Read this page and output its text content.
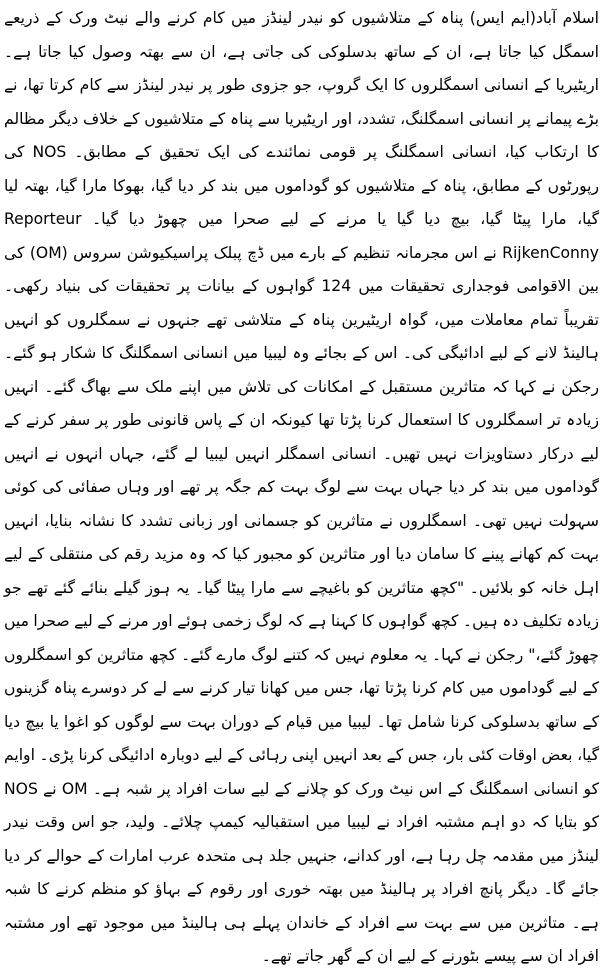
اسلام آباد(ایم ایس) پناہ کے متلاشیوں کو نیدر لینڈز میں کام کرنے والے نیٹ ورک کے ذریعے اسمگل کیا جاتا ہے، ان کے ساتھ بدسلوکی کی جاتی ہے، ان سے بھتہ وصول کیا جاتا ہے۔ اریٹیریا کے انسانی اسمگلروں کا ایک گروپ، جو جزوی طور پر نیدر لینڈز سے کام کرتا تھا، نے بڑے پیمانے پر انسانی اسمگلنگ، تشدد، اور اریٹیریا سے پناہ کے متلاشیوں کے خلاف دیگر مظالم کا ارتکاب کیا، انسانی اسمگلنگ پر قومی نمائندے کی ایک تحقیق کے مطابق۔ NOS کی رپورٹوں کے مطابق، پناہ کے متلاشیوں کو گوداموں میں بند کر دیا گیا، بھوکا مارا گیا، بھتہ لیا گیا، مارا پیٹا گیا، بیچ دیا گیا یا مرنے کے لیے صحرا میں چھوڑ دیا گیا۔ Reporteur RijkenConny نے اس مجرمانہ تنظیم کے بارے میں ڈچ پبلک پراسیکیوشن سروس (OM) کی بین الاقوامی فوجداری تحقیقات میں 124 گواہوں کے بیانات پر تحقیقات کی بنیاد رکھی۔ تقریباً تمام معاملات میں، گواہ اریٹیرین پناہ کے متلاشی تھے جنہوں نے سمگلروں کو انہیں ہالینڈ لانے کے لیے ادائیگی کی۔ اس کے بجائے وہ لیبیا میں انسانی اسمگلنگ کا شکار ہو گئے۔ رجکن نے کہا کہ متاثرین مستقبل کے امکانات کی تلاش میں اپنے ملک سے بھاگ گئے۔ انہیں زیادہ تر اسمگلروں کا استعمال کرنا پڑتا تھا کیونکہ ان کے پاس قانونی طور پر سفر کرنے کے لیے درکار دستاویزات نہیں تھیں۔ انسانی اسمگلر انہیں لیبیا لے گئے، جہاں انہوں نے انہیں گوداموں میں بند کر دیا جہاں بہت سے لوگ بہت کم جگہ پر تھے اور وہاں صفائی کی کوئی سہولت نہیں تھی۔ اسمگلروں نے متاثرین کو جسمانی اور زبانی تشدد کا نشانہ بنایا، انہیں بہت کم کھانے پینے کا سامان دیا اور متاثرین کو مجبور کیا کہ وہ مزید رقم کی منتقلی کے لیے اہل خانہ کو بلائیں۔ "کچھ متاثرین کو باغیچے سے مارا پیٹا گیا۔ یہ ہوز گیلے بنائے گئے تھے جو زیادہ تکلیف دہ ہیں۔ کچھ گواہوں کا کہنا ہے کہ لوگ زخمی ہوئے اور مرنے کے لیے صحرا میں چھوڑ گئے،" رجکن نے کہا۔ یہ معلوم نہیں کہ کتنے لوگ مارے گئے۔ کچھ متاثرین کو اسمگلروں کے لیے گوداموں میں کام کرنا پڑتا تھا، جس میں کھانا تیار کرنے سے لے کر دوسرے پناہ گزینوں کے ساتھ بدسلوکی کرنا شامل تھا۔ لیبیا میں قیام کے دوران بہت سے لوگوں کو اغوا یا بیچ دیا گیا، بعض اوقات کئی بار، جس کے بعد انہیں اپنی رہائی کے لیے دوبارہ ادائیگی کرنا پڑی۔ اوایم کو انسانی اسمگلنگ کے اس نیٹ ورک کو چلانے کے لیے سات افراد پر شبہ ہے۔ OM نے NOS کو بتایا کہ دو اہم مشتبہ افراد نے لیبیا میں استقبالیہ کیمپ چلائے۔ ولید، جو اس وقت نیدر لینڈز میں مقدمہ چل رہا ہے، اور کدانے، جنہیں جلد ہی متحدہ عرب امارات کے حوالے کر دیا جائے گا۔ دیگر پانچ افراد پر ہالینڈ میں بھتہ خوری اور رقوم کے بہاؤ کو منظم کرنے کا شبہ ہے۔ متاثرین میں سے بہت سے افراد کے خاندان پہلے ہی ہالینڈ میں موجود تھے اور مشتبہ افراد ان سے پیسے بٹورنے کے لیے ان کے گھر جاتے تھے۔
